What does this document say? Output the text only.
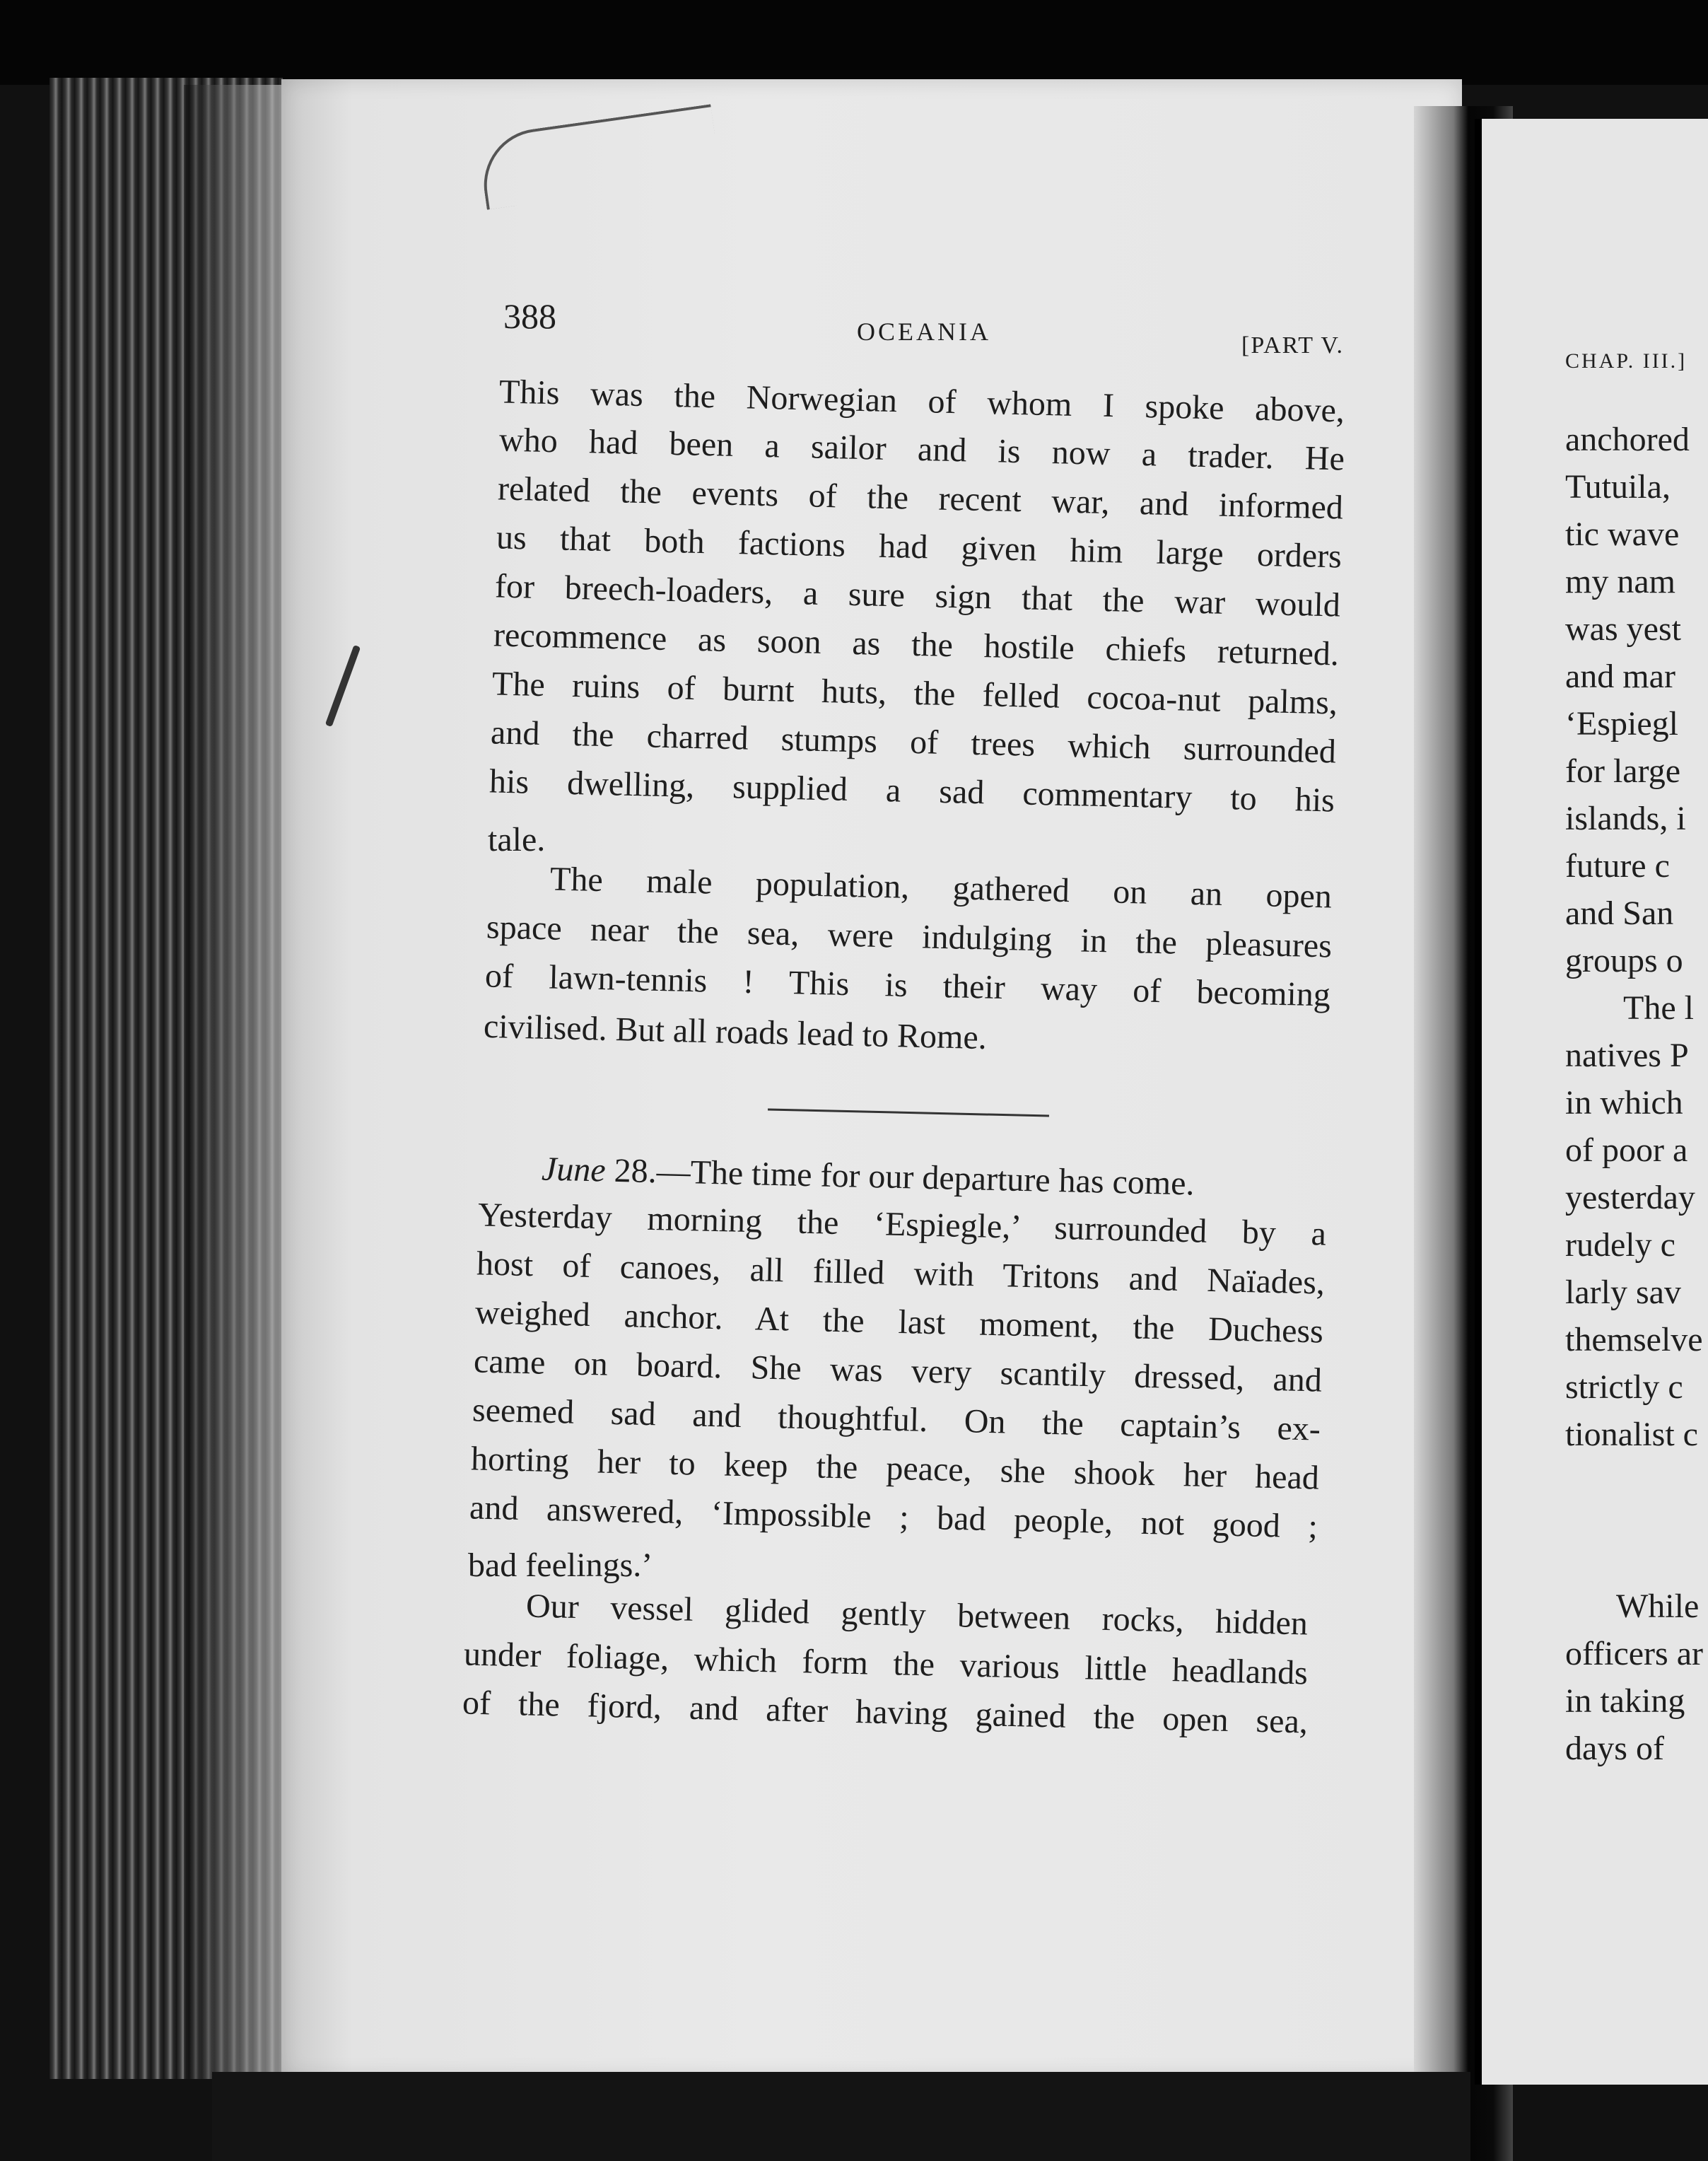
388	OCEANIA	[PART V.
This was the Norwegian of whom I spoke above,
who had been a sailor and is now a trader. He
related the events of the recent war, and informed
us that both factions had given him large orders
for breech-loaders, a sure sign that the war would
recommence as soon as the hostile chiefs returned.
The ruins of burnt huts, the felled cocoa-nut palms,
and the charred stumps of trees which surrounded
his dwelling, supplied a sad commentary to his
tale.
The male population, gathered on an open
space near the sea, were indulging in the pleasures
of lawn-tennis ! This is their way of becoming
civilised. But all roads lead to Rome.
June 28.—The time for our departure has come.
Yesterday morning the ‘Espiegle,’ surrounded by a
host of canoes, all filled with Tritons and Naïades,
weighed anchor. At the last moment, the Duchess
came on board. She was very scantily dressed, and
seemed sad and thoughtful. On the captain’s ex-
horting her to keep the peace, she shook her head
and answered, ‘Impossible ; bad people, not good ;
bad feelings.’
Our vessel glided gently between rocks, hidden
under foliage, which form the various little headlands
of the fjord, and after having gained the open sea,
CHAP. III.]
anchored
Tutuila,
tic wave
my nam
was yest
and mar
‘Espiegl
for large
islands, i
future c
and San
groups o
The l
natives P
in which
of poor a
yesterday
rudely c
larly sav
themselve
strictly c
tionalist c
While
officers ar
in taking
days of
